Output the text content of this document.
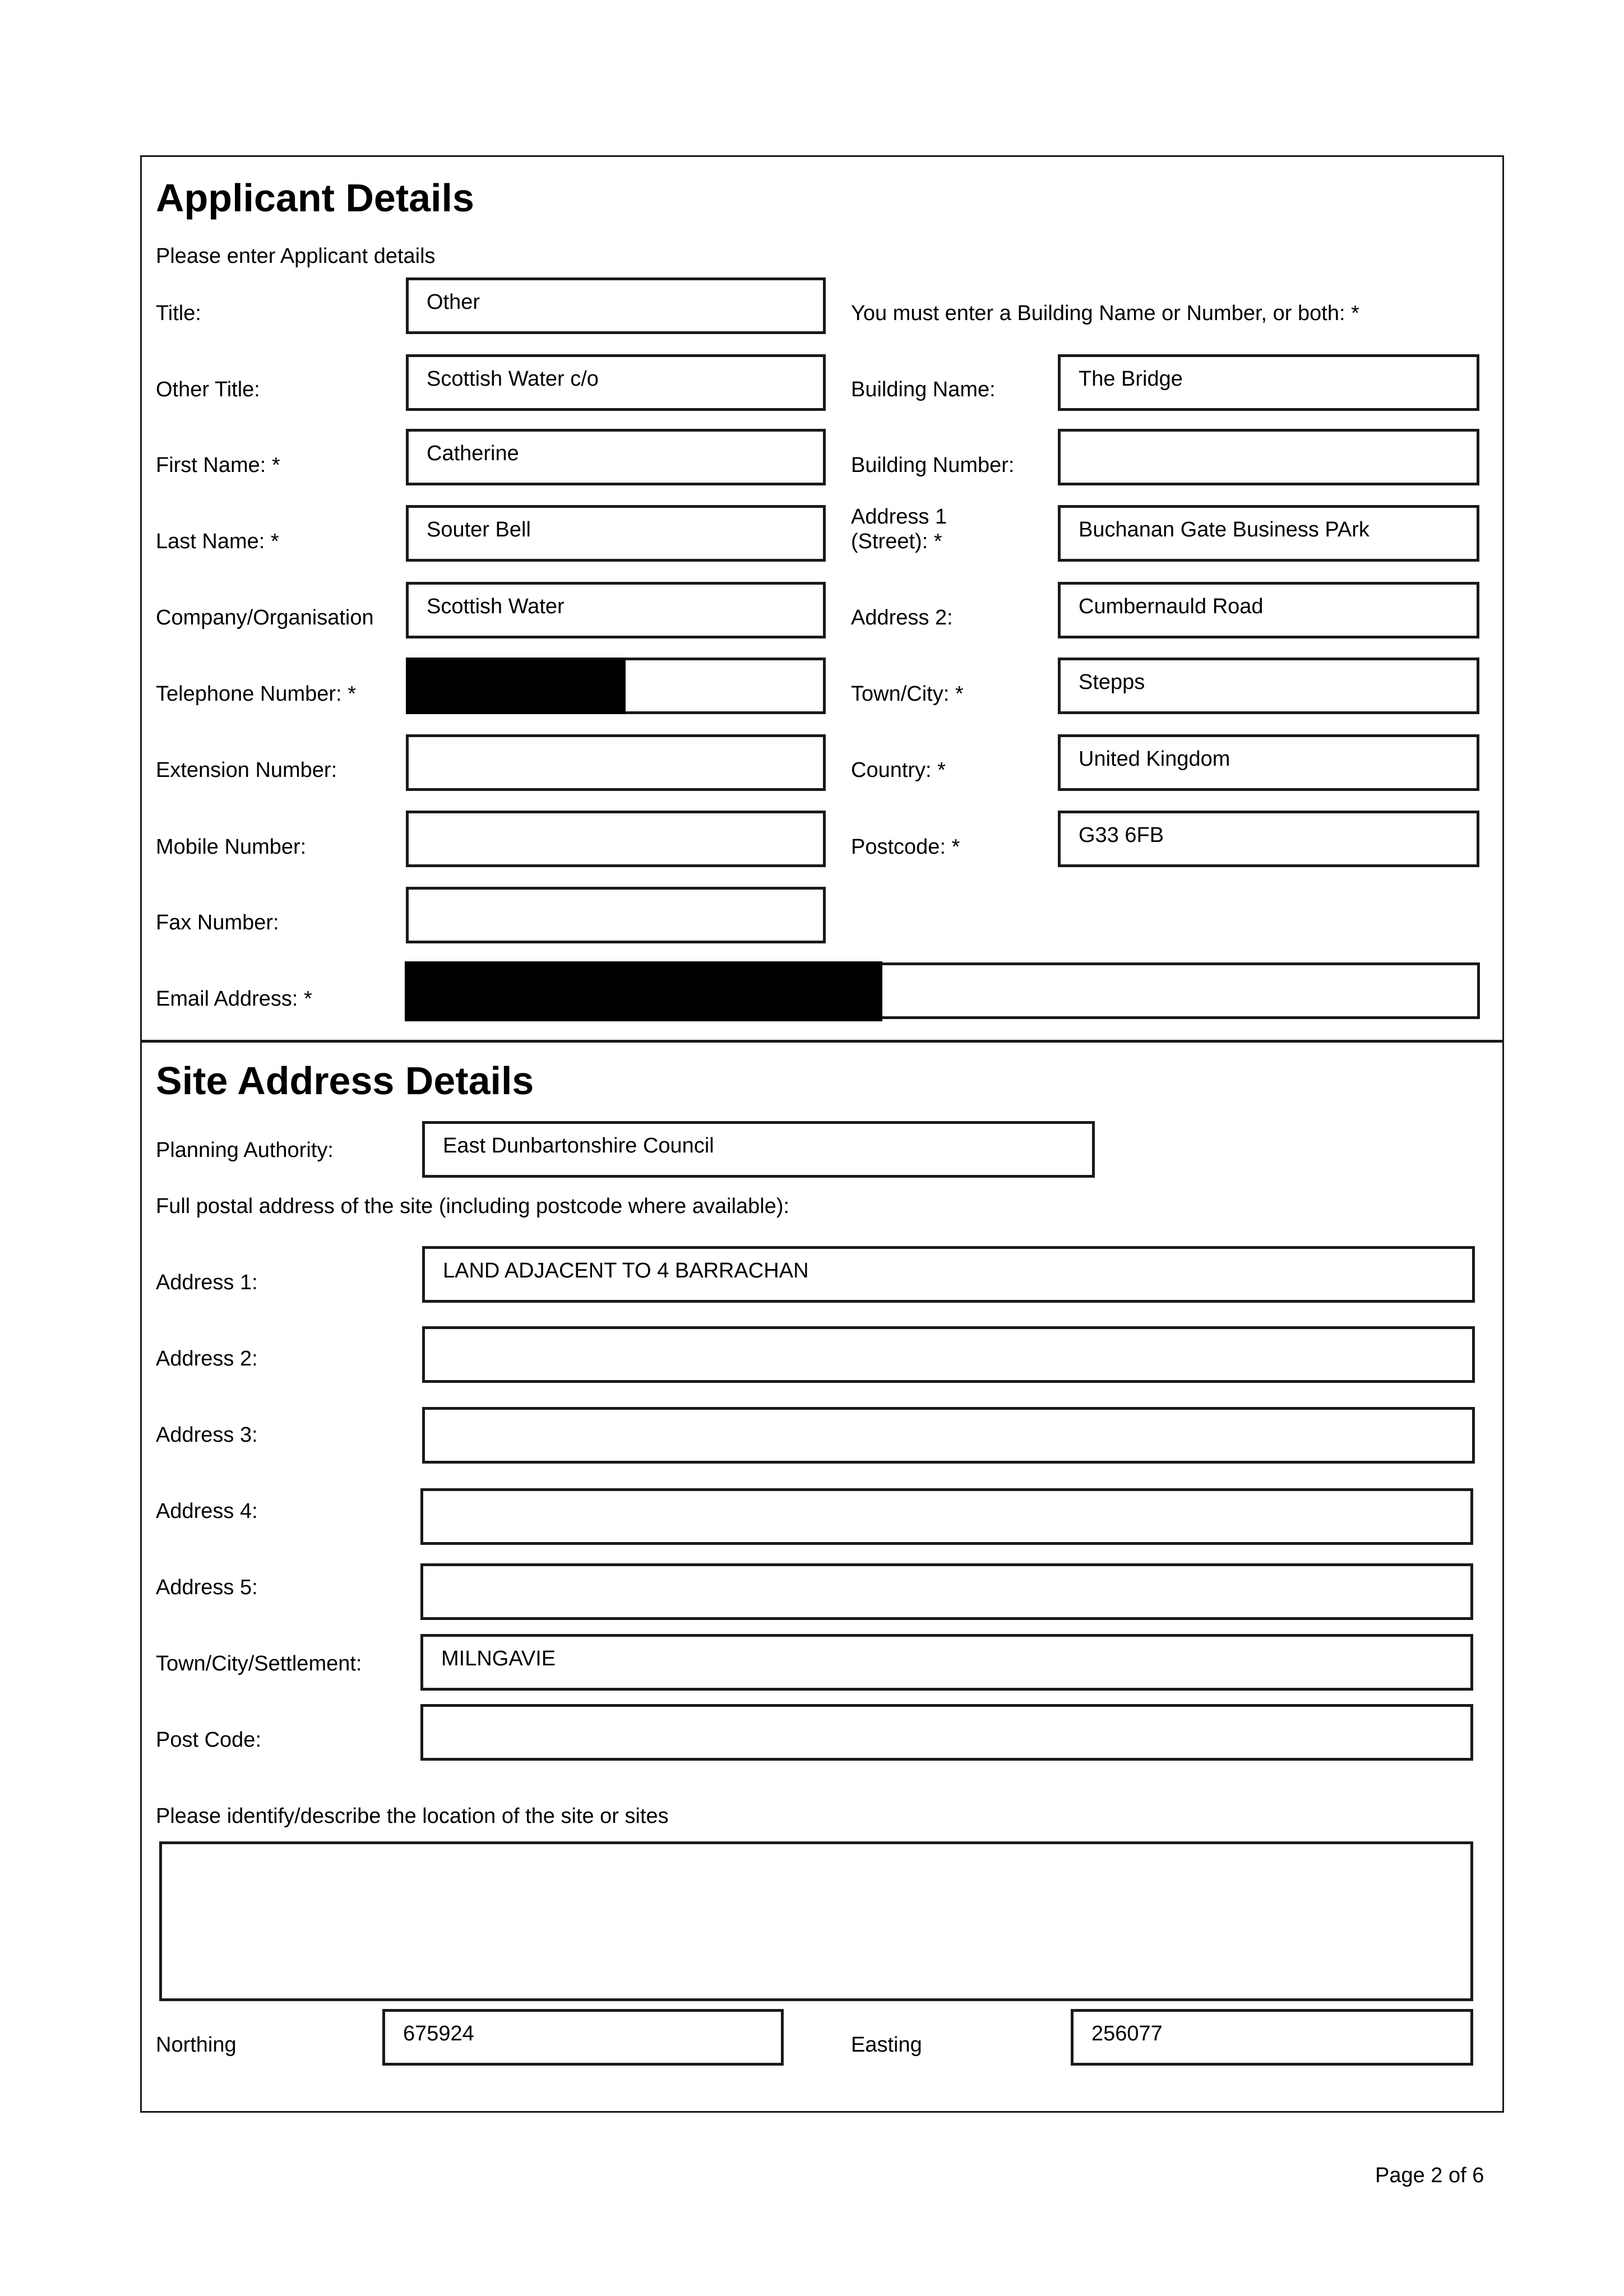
Applicant Details
Please enter Applicant details
You must enter a Building Name or Number, or both: *
Title:	Other
Other Title:	Scottish Water c/o
First Name: *	Catherine
Last Name: *	Souter Bell
Company/Organisation	Scottish Water
Telephone Number: *
Extension Number:
Mobile Number:
Fax Number:
Email Address: *
Building Name:	The Bridge
Building Number:
Address 1
(Street): *	Buchanan Gate Business PArk
Address 2:	Cumbernauld Road
Town/City: *	Stepps
Country: *	United Kingdom
Postcode: *	G33 6FB
Site Address Details
Planning Authority:	East Dunbartonshire Council
Full postal address of the site (including postcode where available):
Address 1:	LAND ADJACENT TO 4 BARRACHAN
Address 2:
Address 3:
Address 4:
Address 5:
Town/City/Settlement:	MILNGAVIE
Post Code:
Please identify/describe the location of the site or sites
Northing	675924	Easting	256077
Page 2 of 6
